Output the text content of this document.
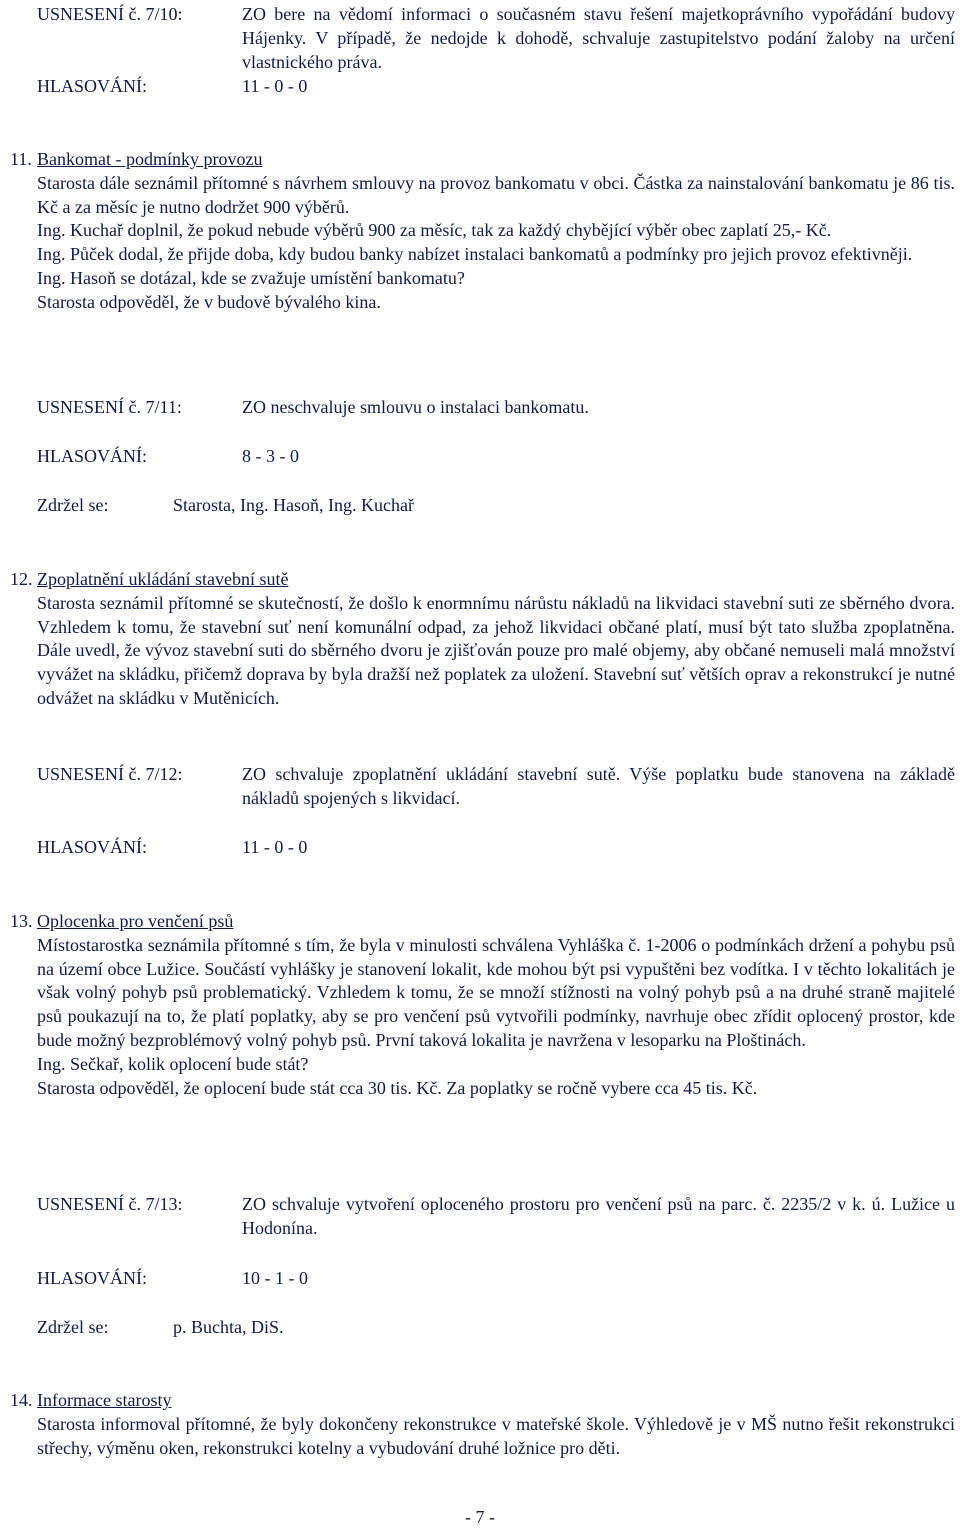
USNESENÍ č. 7/10:	ZO bere na vědomí informaci o současném stavu řešení majetkoprávního vypořádání budovy Hájenky. V případě, že nedojde k dohodě, schvaluje zastupitelstvo podání žaloby na určení vlastnického práva.

HLASOVÁNÍ:	11 - 0 - 0
11. Bankomat - podmínky provozu

Starosta dále seznámil přítomné s návrhem smlouvy na provoz bankomatu v obci. Částka za nainstalování bankomatu je 86 tis. Kč a za měsíc je nutno dodržet 900 výběrů.

Ing. Kuchař doplnil, že pokud nebude výběrů 900 za měsíc, tak za každý chybějící výběr obec zaplatí 25,- Kč.

Ing. Půček dodal, že přijde doba, kdy budou banky nabízet instalaci bankomatů a podmínky pro jejich provoz efektivněji.

Ing. Hasoň se dotázal, kde se zvažuje umístění bankomatu?

Starosta odpověděl, že v budově bývalého kina.

USNESENÍ č. 7/11:	ZO neschvaluje smlouvu o instalaci bankomatu.

HLASOVÁNÍ:	8 - 3 - 0
Zdržel se:	Starosta, Ing. Hasoň, Ing. Kuchař
12. Zpoplatnění ukládání stavební sutě

Starosta seznámil přítomné se skutečností, že došlo k enormnímu nárůstu nákladů na likvidaci stavební suti ze sběrného dvora. Vzhledem k tomu, že stavební suť není komunální odpad, za jehož likvidaci občané platí, musí být tato služba zpoplatněna. Dále uvedl, že vývoz stavební suti do sběrného dvoru je zjišťován pouze pro malé objemy, aby občané nemuseli malá množství vyvážet na skládku, přičemž doprava by byla dražší než poplatek za uložení. Stavební suť větších oprav a rekonstrukcí je nutné odvážet na skládku v Mutěnicích.

USNESENÍ č. 7/12:	ZO schvaluje zpoplatnění ukládání stavební sutě. Výše poplatku bude stanovena na základě nákladů spojených s likvidací.

HLASOVÁNÍ:	11 - 0 - 0
13. Oplocenka pro venčení psů

Místostarostka seznámila přítomné s tím, že byla v minulosti schválena Vyhláška č. 1-2006 o podmínkách držení a pohybu psů na území obce Lužice. Součástí vyhlášky je stanovení lokalit, kde mohou být psi vypuštěni bez vodítka. I v těchto lokalitách je však volný pohyb psů problematický. Vzhledem k tomu, že se množí stížnosti na volný pohyb psů a na druhé straně majitelé psů poukazují na to, že platí poplatky, aby se pro venčení psů vytvořili podmínky, navrhuje obec zřídit oplocený prostor, kde bude možný bezproblémový volný pohyb psů. První taková lokalita je navržena v lesoparku na Ploštinách.

Ing. Sečkař, kolik oplocení bude stát?

Starosta odpověděl, že oplocení bude stát cca 30 tis. Kč. Za poplatky se ročně vybere cca 45 tis. Kč.

USNESENÍ č. 7/13:	ZO schvaluje vytvoření oploceného prostoru pro venčení psů na parc. č. 2235/2 v k. ú. Lužice u Hodonína.

HLASOVÁNÍ:	10 - 1 - 0
Zdržel se:	p. Buchta, DiS.
14. Informace starosty

Starosta informoval přítomné, že byly dokončeny rekonstrukce v mateřské škole. Výhledově je v MŠ nutno řešit rekonstrukci střechy, výměnu oken, rekonstrukci kotelny a vybudování druhé ložnice pro děti.

- 7 -
